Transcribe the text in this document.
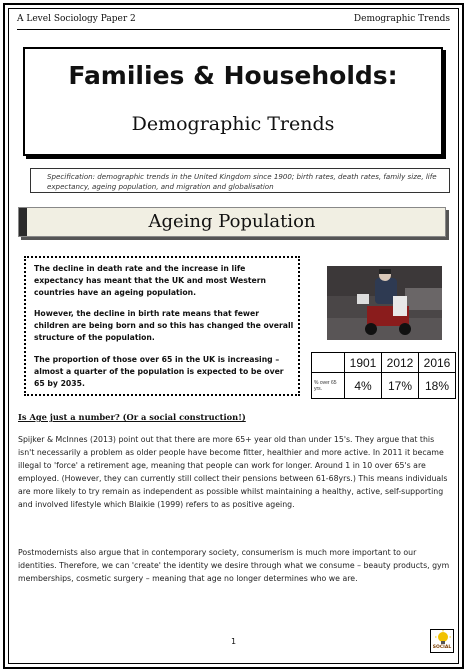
A Level Sociology Paper 2	Demographic Trends
Families & Households:
Demographic Trends
Specification: demographic trends in the United Kingdom since 1900; birth rates, death rates, family size, life expectancy, ageing population, and migration and globalisation
Ageing Population
The decline in death rate and the increase in life expectancy has meant that the UK and most Western countries have an ageing population.
However, the decline in birth rate means that fewer children are being born and so this has changed the overall structure of the population.
The proportion of those over 65 in the UK is increasing – almost a quarter of the population is expected to be over 65 by 2035.
	1901	2012	2016
% over 65 yrs.	4%	17%	18%
Is Age just a number? (Or a social construction!)
Spijker & McInnes (2013) point out that there are more 65+ year old than under 15's. They argue that this isn't necessarily a problem as older people have become fitter, healthier and more active. In 2011 it became illegal to 'force' a retirement age, meaning that people can work for longer. Around 1 in 10 over 65's are employed. (However, they can currently still collect their pensions between 61-68yrs.) This means individuals are more likely to try remain as independent as possible whilst maintaining a healthy, active, self-supporting and involved lifestyle which Blaikie (1999) refers to as positive ageing.
Postmodernists also argue that in contemporary society, consumerism is much more important to our identities. Therefore, we can 'create' the identity we desire through what we consume – beauty products, gym memberships, cosmetic surgery – meaning that age no longer determines who we are.
1
SOCIAL
